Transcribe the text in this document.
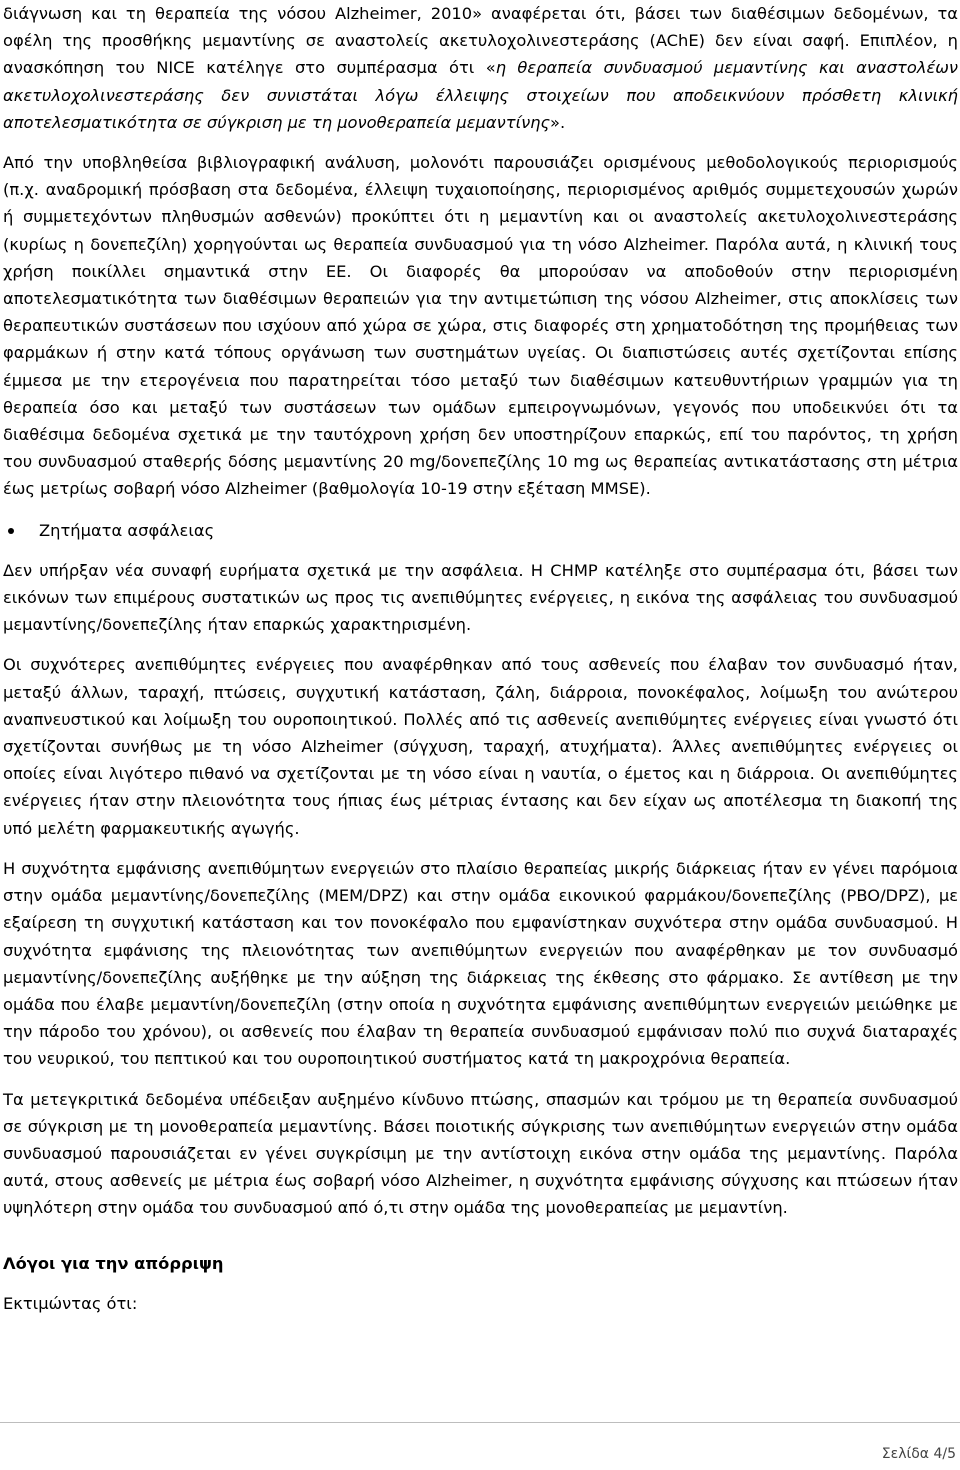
διάγνωση και τη θεραπεία της νόσου Alzheimer, 2010» αναφέρεται ότι, βάσει των διαθέσιμων δεδομένων, τα οφέλη της προσθήκης μεμαντίνης σε αναστολείς ακετυλοχολινεστεράσης (AChE) δεν είναι σαφή. Επιπλέον, η ανασκόπηση του NICE κατέληγε στο συμπέρασμα ότι «η θεραπεία συνδυασμού μεμαντίνης και αναστολέων ακετυλοχολινεστεράσης δεν συνιστάται λόγω έλλειψης στοιχείων που αποδεικνύουν πρόσθετη κλινική αποτελεσματικότητα σε σύγκριση με τη μονοθεραπεία μεμαντίνης».

Από την υποβληθείσα βιβλιογραφική ανάλυση, μολονότι παρουσιάζει ορισμένους μεθοδολογικούς περιορισμούς (π.χ. αναδρομική πρόσβαση στα δεδομένα, έλλειψη τυχαιοποίησης, περιορισμένος αριθμός συμμετεχουσών χωρών ή συμμετεχόντων πληθυσμών ασθενών) προκύπτει ότι η μεμαντίνη και οι αναστολείς ακετυλοχολινεστεράσης (κυρίως η δονεπεζίλη) χορηγούνται ως θεραπεία συνδυασμού για τη νόσο Alzheimer. Παρόλα αυτά, η κλινική τους χρήση ποικίλλει σημαντικά στην ΕΕ. Οι διαφορές θα μπορούσαν να αποδοθούν στην περιορισμένη αποτελεσματικότητα των διαθέσιμων θεραπειών για την αντιμετώπιση της νόσου Alzheimer, στις αποκλίσεις των θεραπευτικών συστάσεων που ισχύουν από χώρα σε χώρα, στις διαφορές στη χρηματοδότηση της προμήθειας των φαρμάκων ή στην κατά τόπους οργάνωση των συστημάτων υγείας. Οι διαπιστώσεις αυτές σχετίζονται επίσης έμμεσα με την ετερογένεια που παρατηρείται τόσο μεταξύ των διαθέσιμων κατευθυντήριων γραμμών για τη θεραπεία όσο και μεταξύ των συστάσεων των ομάδων εμπειρογνωμόνων, γεγονός που υποδεικνύει ότι τα διαθέσιμα δεδομένα σχετικά με την ταυτόχρονη χρήση δεν υποστηρίζουν επαρκώς, επί του παρόντος, τη χρήση του συνδυασμού σταθερής δόσης μεμαντίνης 20 mg/δονεπεζίλης 10 mg ως θεραπείας αντικατάστασης στη μέτρια έως μετρίως σοβαρή νόσο Alzheimer (βαθμολογία 10-19 στην εξέταση MMSE).

Ζητήματα ασφάλειας

Δεν υπήρξαν νέα συναφή ευρήματα σχετικά με την ασφάλεια. Η CHMP κατέληξε στο συμπέρασμα ότι, βάσει των εικόνων των επιμέρους συστατικών ως προς τις ανεπιθύμητες ενέργειες, η εικόνα της ασφάλειας του συνδυασμού μεμαντίνης/δονεπεζίλης ήταν επαρκώς χαρακτηρισμένη.

Οι συχνότερες ανεπιθύμητες ενέργειες που αναφέρθηκαν από τους ασθενείς που έλαβαν τον συνδυασμό ήταν, μεταξύ άλλων, ταραχή, πτώσεις, συγχυτική κατάσταση, ζάλη, διάρροια, πονοκέφαλος, λοίμωξη του ανώτερου αναπνευστικού και λοίμωξη του ουροποιητικού. Πολλές από τις ασθενείς ανεπιθύμητες ενέργειες είναι γνωστό ότι σχετίζονται συνήθως με τη νόσο Alzheimer (σύγχυση, ταραχή, ατυχήματα). Άλλες ανεπιθύμητες ενέργειες οι οποίες είναι λιγότερο πιθανό να σχετίζονται με τη νόσο είναι η ναυτία, ο έμετος και η διάρροια. Οι ανεπιθύμητες ενέργειες ήταν στην πλειονότητα τους ήπιας έως μέτριας έντασης και δεν είχαν ως αποτέλεσμα τη διακοπή της υπό μελέτη φαρμακευτικής αγωγής.

Η συχνότητα εμφάνισης ανεπιθύμητων ενεργειών στο πλαίσιο θεραπείας μικρής διάρκειας ήταν εν γένει παρόμοια στην ομάδα μεμαντίνης/δονεπεζίλης (MEM/DPZ) και στην ομάδα εικονικού φαρμάκου/δονεπεζίλης (PBO/DPZ), με εξαίρεση τη συγχυτική κατάσταση και τον πονοκέφαλο που εμφανίστηκαν συχνότερα στην ομάδα συνδυασμού. Η συχνότητα εμφάνισης της πλειονότητας των ανεπιθύμητων ενεργειών που αναφέρθηκαν με τον συνδυασμό μεμαντίνης/δονεπεζίλης αυξήθηκε με την αύξηση της διάρκειας της έκθεσης στο φάρμακο. Σε αντίθεση με την ομάδα που έλαβε μεμαντίνη/δονεπεζίλη (στην οποία η συχνότητα εμφάνισης ανεπιθύμητων ενεργειών μειώθηκε με την πάροδο του χρόνου), οι ασθενείς που έλαβαν τη θεραπεία συνδυασμού εμφάνισαν πολύ πιο συχνά διαταραχές του νευρικού, του πεπτικού και του ουροποιητικού συστήματος κατά τη μακροχρόνια θεραπεία.

Τα μετεγκριτικά δεδομένα υπέδειξαν αυξημένο κίνδυνο πτώσης, σπασμών και τρόμου με τη θεραπεία συνδυασμού σε σύγκριση με τη μονοθεραπεία μεμαντίνης. Βάσει ποιοτικής σύγκρισης των ανεπιθύμητων ενεργειών στην ομάδα συνδυασμού παρουσιάζεται εν γένει συγκρίσιμη με την αντίστοιχη εικόνα στην ομάδα της μεμαντίνης. Παρόλα αυτά, στους ασθενείς με μέτρια έως σοβαρή νόσο Alzheimer, η συχνότητα εμφάνισης σύγχυσης και πτώσεων ήταν υψηλότερη στην ομάδα του συνδυασμού από ό,τι στην ομάδα της μονοθεραπείας με μεμαντίνη.

Λόγοι για την απόρριψη

Εκτιμώντας ότι:

Σελίδα 4/5
